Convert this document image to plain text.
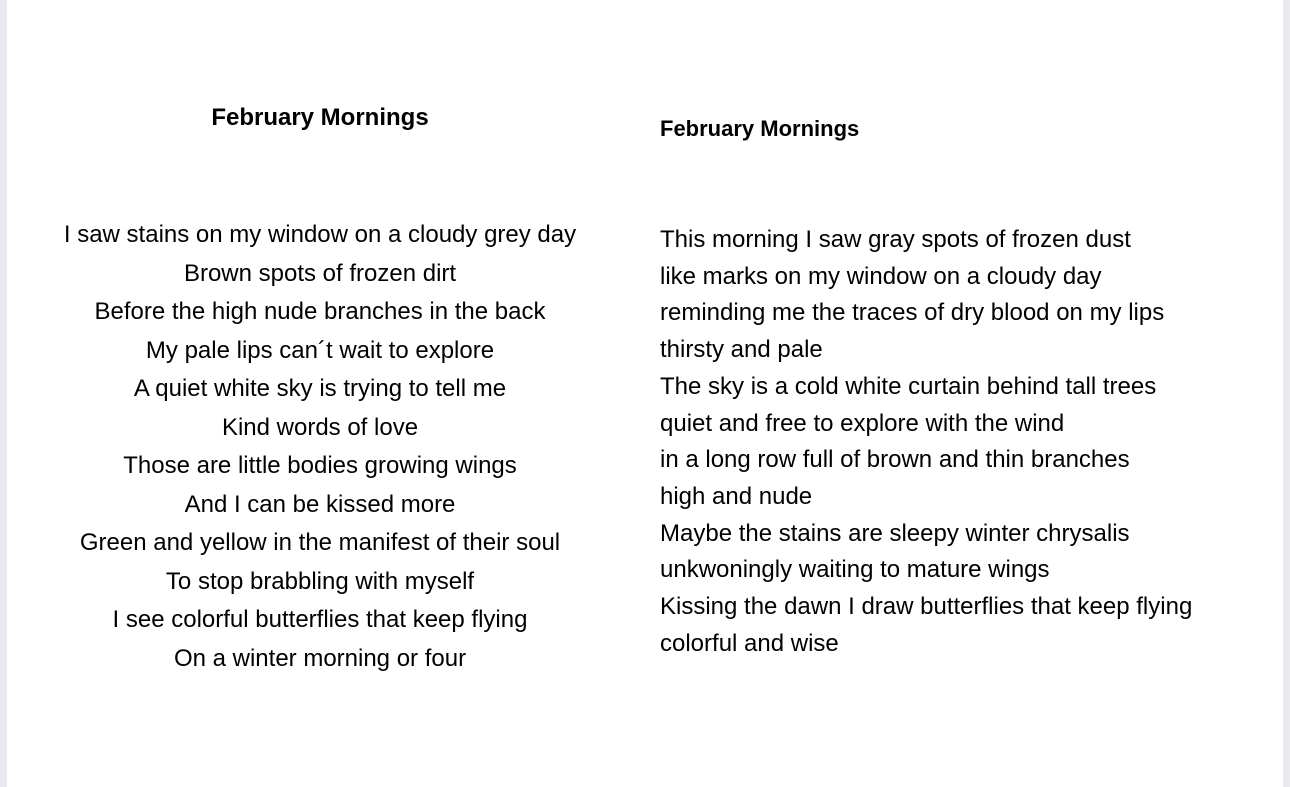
February Mornings
I saw stains on my window on a cloudy grey day
Brown spots of frozen dirt
Before the high nude branches in the back
My pale lips can´t wait to explore
A quiet white sky is trying to tell me
Kind words of love
Those are little bodies growing wings
And I can be kissed more
Green and yellow in the manifest of their soul
To stop brabbling with myself
I see colorful butterflies that keep flying
On a winter morning or four
February Mornings
This morning I saw gray spots of frozen dust
like marks on my window on a cloudy day
reminding me the traces of dry blood on my lips
thirsty and pale
The sky is a cold white curtain behind tall trees
quiet and free to explore with the wind
in a long row full of brown and thin branches
high and nude
Maybe the stains are sleepy winter chrysalis
unkwoningly waiting to mature wings
Kissing the dawn I draw butterflies that keep flying
colorful and wise
